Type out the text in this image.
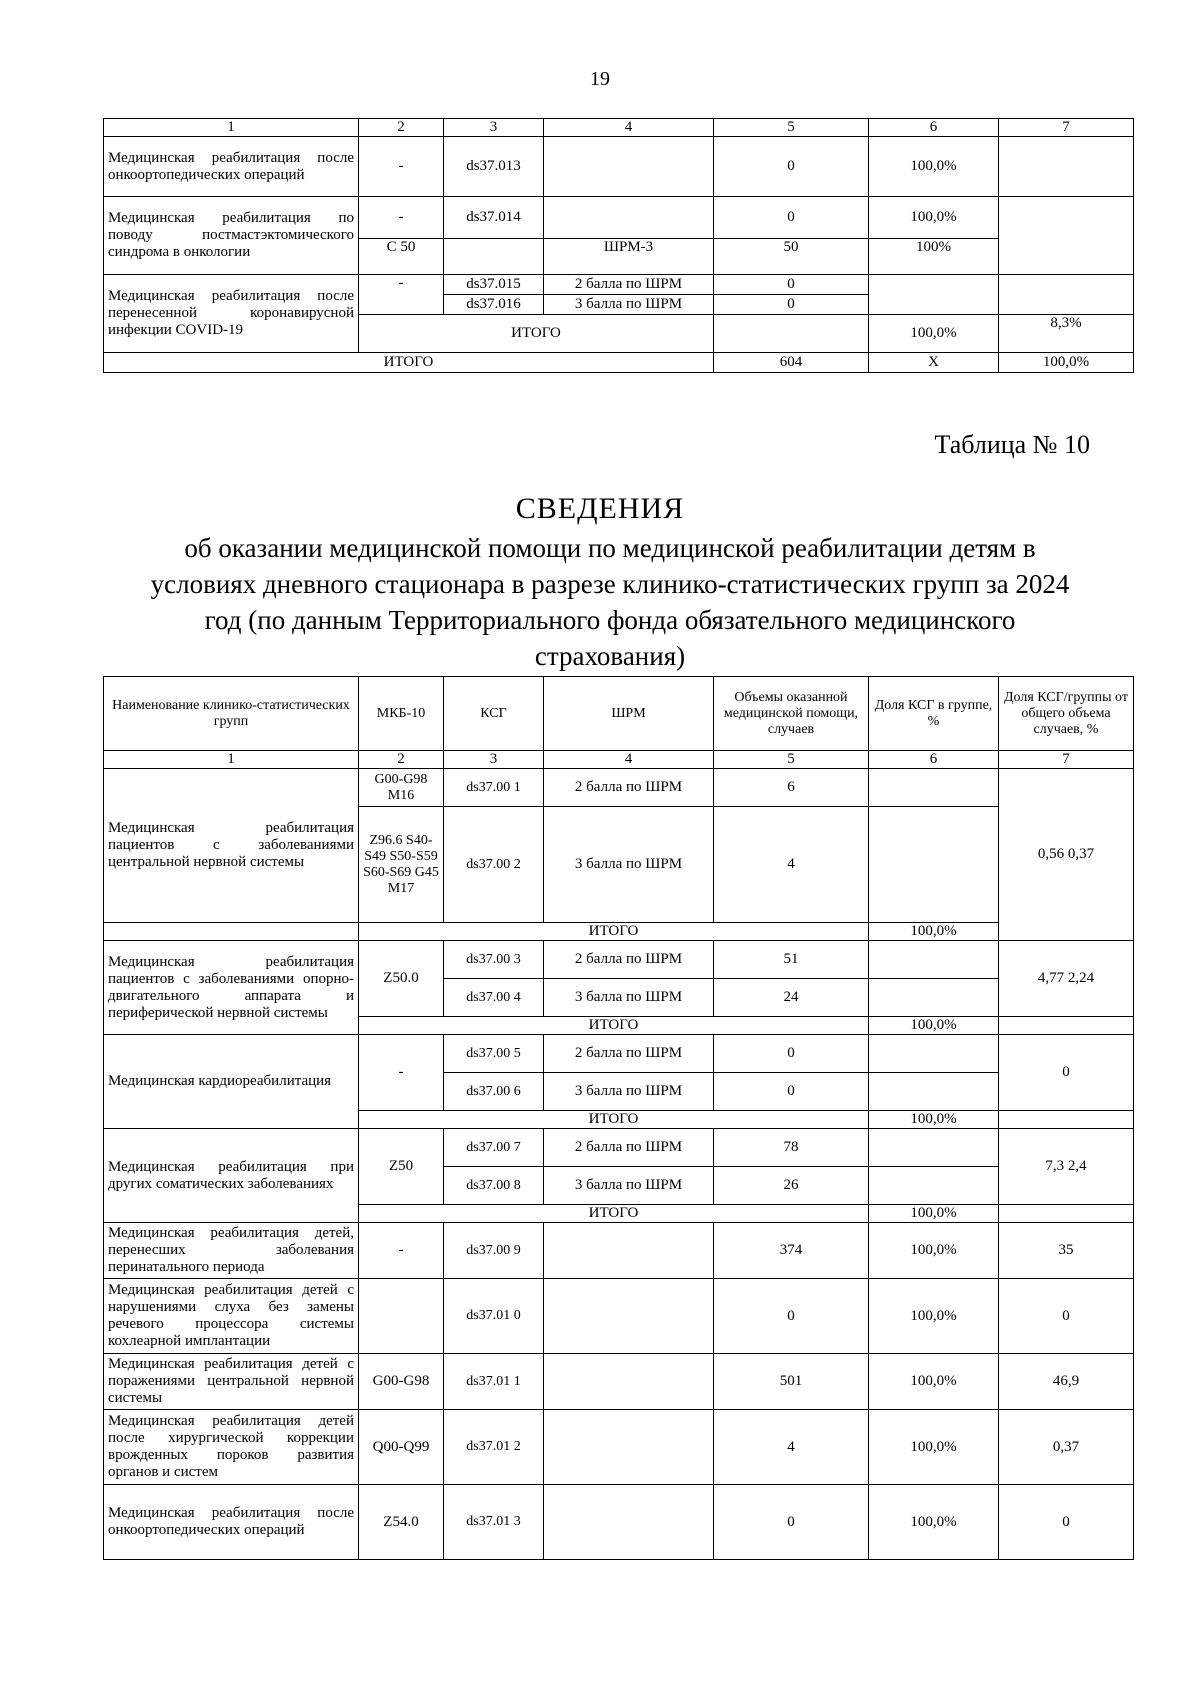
19
1	2	3	4	5	6	7
Медицинская реабилитация после онкоортопедических операций	-	ds37.013		0	100,0%	
Медицинская реабилитация по поводу постмастэктомического синдрома в онкологии	-	ds37.014		0	100,0%	
	С 50		ШРМ-3	50	100%	
Медицинская реабилитация после перенесенной коронавирусной инфекции COVID-19	-	ds37.015	2 балла по ШРМ	0		
		ds37.016	3 балла по ШРМ	0		
	ИТОГО				100,0%	8,3%
ИТОГО				604	Х	100,0%
Таблица № 10
СВЕДЕНИЯ
об оказании медицинской помощи по медицинской реабилитации детям в условиях дневного стационара в разрезе клинико-статистических групп за 2024 год (по данным Территориального фонда обязательного медицинского страхования)
Наименование клинико-статистических групп	МКБ-10	КСГ	ШРМ	Объемы оказанной медицинской помощи, случаев	Доля КСГ в группе, %	Доля КСГ/группы от общего объема случаев, %
1	2	3	4	5	6	7
Медицинская реабилитация пациентов с заболеваниями центральной нервной системы	G00-G98 M16	ds37.00 1	2 балла по ШРМ	6		0,56 0,37
	Z96.6 S40-S49 S50-S59 S60-S69 G45 M17	ds37.00 2	3 балла по ШРМ	4		
	ИТОГО				100,0%	
Медицинская реабилитация пациентов с заболеваниями опорно-двигательного аппарата и периферической нервной системы	Z50.0	ds37.00 3	2 балла по ШРМ	51		4,77 2,24
		ds37.00 4	3 балла по ШРМ	24		
	ИТОГО				100,0%	
Медицинская кардиореабилитация	-	ds37.00 5	2 балла по ШРМ	0		0
		ds37.00 6	3 балла по ШРМ	0		
	ИТОГО				100,0%	
Медицинская реабилитация при других соматических заболеваниях	Z50	ds37.00 7	2 балла по ШРМ	78		7,3 2,4
		ds37.00 8	3 балла по ШРМ	26		
	ИТОГО				100,0%	
Медицинская реабилитация детей, перенесших заболевания перинатального периода	-	ds37.00 9		374	100,0%	35
Медицинская реабилитация детей с нарушениями слуха без замены речевого процессора системы кохлеарной имплантации		ds37.01 0		0	100,0%	0
Медицинская реабилитация детей с поражениями центральной нервной системы	G00-G98	ds37.01 1		501	100,0%	46,9
Медицинская реабилитация детей после хирургической коррекции врожденных пороков развития органов и систем	Q00-Q99	ds37.01 2		4	100,0%	0,37
Медицинская реабилитация после онкоортопедических операций	Z54.0	ds37.01 3		0	100,0%	0
